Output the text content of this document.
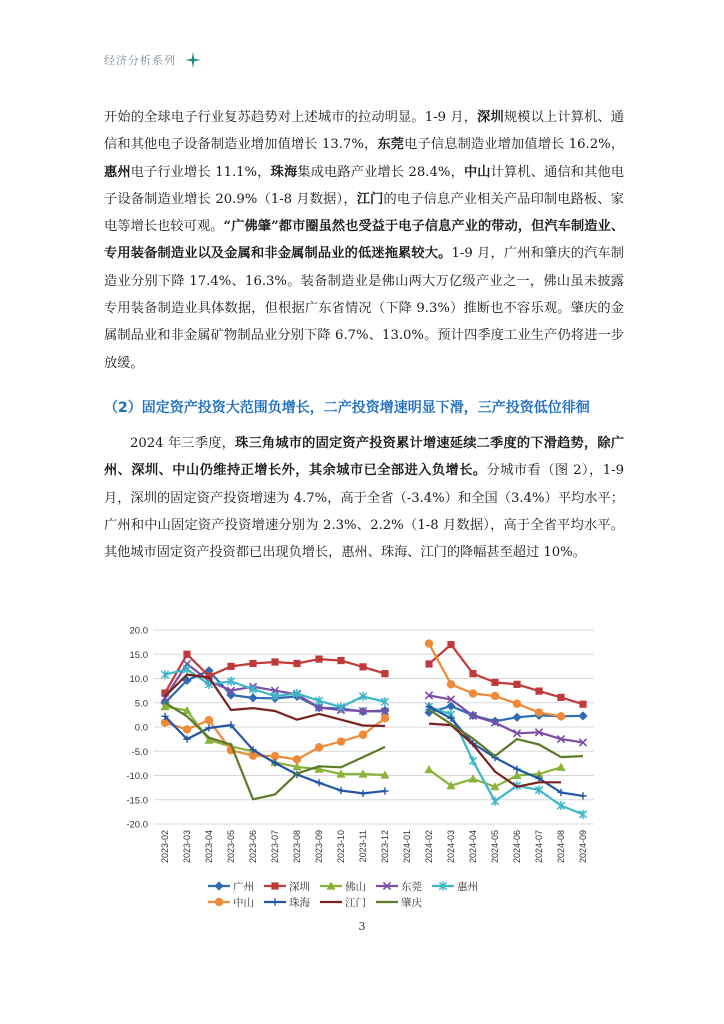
经济分析系列
开始的全球电子行业复苏趋势对上述城市的拉动明显。1-9 月，深圳规模以上计算机、通信和其他电子设备制造业增加值增长 13.7%，东莞电子信息制造业增加值增长 16.2%，惠州电子行业增长 11.1%，珠海集成电路产业增长 28.4%，中山计算机、通信和其他电子设备制造业增长 20.9%（1-8 月数据），江门的电子信息产业相关产品印制电路板、家电等增长也较可观。“广佛肇”都市圈虽然也受益于电子信息产业的带动，但汽车制造业、专用装备制造业以及金属和非金属制品业的低迷拖累较大。1-9 月，广州和肇庆的汽车制造业分别下降 17.4%、16.3%。装备制造业是佛山两大万亿级产业之一，佛山虽未披露专用装备制造业具体数据，但根据广东省情况（下降 9.3%）推断也不容乐观。肇庆的金属制品业和非金属矿物制品业分别下降 6.7%、13.0%。预计四季度工业生产仍将进一步放缓。
（2）固定资产投资大范围负增长，二产投资增速明显下滑，三产投资低位徘徊
2024 年三季度，珠三角城市的固定资产投资累计增速延续二季度的下滑趋势，除广州、深圳、中山仍维持正增长外，其余城市已全部进入负增长。分城市看（图 2），1-9 月，深圳的固定资产投资增速为 4.7%，高于全省（-3.4%）和全国（3.4%）平均水平；广州和中山固定资产投资增速分别为 2.3%、2.2%（1-8 月数据），高于全省平均水平。其他城市固定资产投资都已出现负增长，惠州、珠海、江门的降幅甚至超过 10%。
20.0
15.0
10.0
5.0
0.0
-5.0
-10.0
-15.0
-20.0
2023-02 2023-03 2023-04 2023-05 2023-06 2023-07 2023-08 2023-09 2023-10 2023-11 2023-12 2024-01 2024-02 2024-03 2024-04 2024-05 2024-06 2024-07 2024-08 2024-09
广州	深圳	佛山	东莞	惠州
中山	珠海	江门	肇庆
3
